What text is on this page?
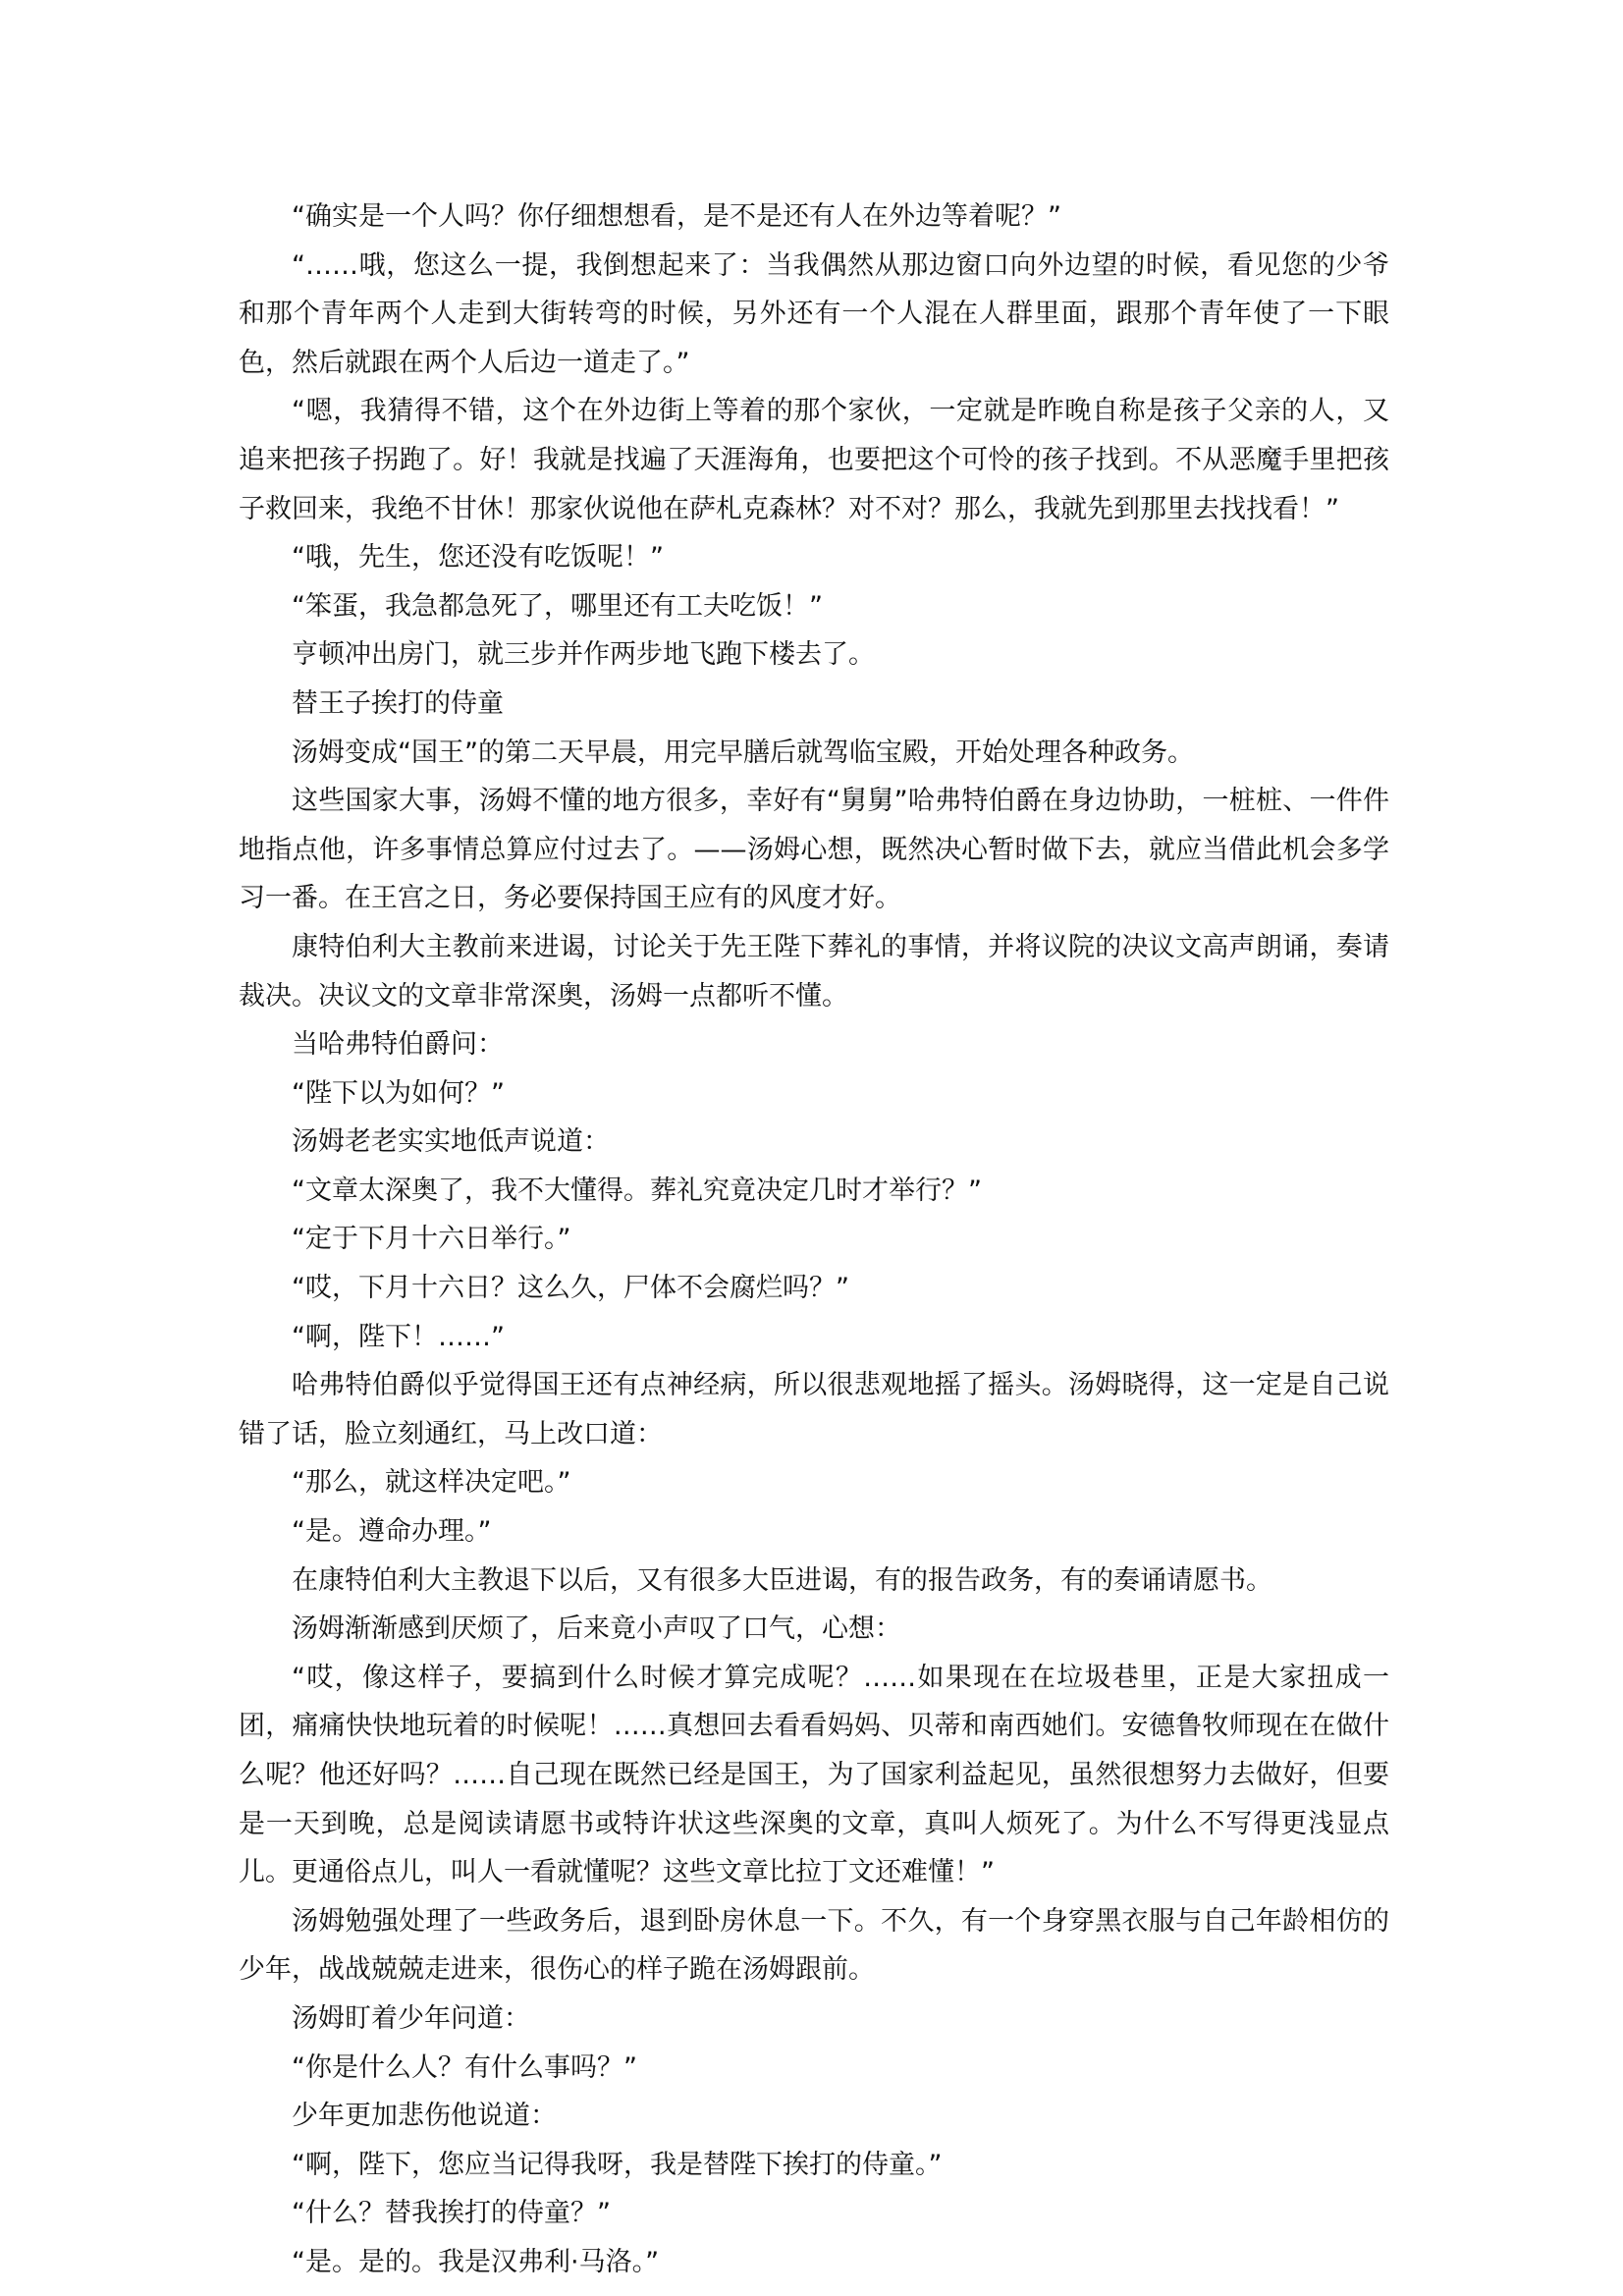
“确实是一个人吗？你仔细想想看，是不是还有人在外边等着呢？”

“……哦，您这么一提，我倒想起来了：当我偶然从那边窗口向外边望的时候，看见您的少爷和那个青年两个人走到大街转弯的时候，另外还有一个人混在人群里面，跟那个青年使了一下眼色，然后就跟在两个人后边一道走了。”

“嗯，我猜得不错，这个在外边街上等着的那个家伙，一定就是昨晚自称是孩子父亲的人，又追来把孩子拐跑了。好！我就是找遍了天涯海角，也要把这个可怜的孩子找到。不从恶魔手里把孩子救回来，我绝不甘休！那家伙说他在萨札克森林？对不对？那么，我就先到那里去找找看！”

“哦，先生，您还没有吃饭呢！”

“笨蛋，我急都急死了，哪里还有工夫吃饭！”

亨顿冲出房门，就三步并作两步地飞跑下楼去了。

替王子挨打的侍童

汤姆变成“国王”的第二天早晨，用完早膳后就驾临宝殿，开始处理各种政务。

这些国家大事，汤姆不懂的地方很多，幸好有“舅舅”哈弗特伯爵在身边协助，一桩桩、一件件地指点他，许多事情总算应付过去了。——汤姆心想，既然决心暂时做下去，就应当借此机会多学习一番。在王宫之日，务必要保持国王应有的风度才好。

康特伯利大主教前来进谒，讨论关于先王陛下葬礼的事情，并将议院的决议文高声朗诵，奏请裁决。决议文的文章非常深奥，汤姆一点都听不懂。

当哈弗特伯爵问：

“陛下以为如何？”

汤姆老老实实地低声说道：

“文章太深奥了，我不大懂得。葬礼究竟决定几时才举行？”

“定于下月十六日举行。”

“哎，下月十六日？这么久，尸体不会腐烂吗？”

“啊，陛下！……”

哈弗特伯爵似乎觉得国王还有点神经病，所以很悲观地摇了摇头。汤姆晓得，这一定是自己说错了话，脸立刻通红，马上改口道：

“那么，就这样决定吧。”

“是。遵命办理。”

在康特伯利大主教退下以后，又有很多大臣进谒，有的报告政务，有的奏诵请愿书。

汤姆渐渐感到厌烦了，后来竟小声叹了口气，心想：

“哎，像这样子，要搞到什么时候才算完成呢？……如果现在在垃圾巷里，正是大家扭成一团，痛痛快快地玩着的时候呢！……真想回去看看妈妈、贝蒂和南西她们。安德鲁牧师现在在做什么呢？他还好吗？……自己现在既然已经是国王，为了国家利益起见，虽然很想努力去做好，但要是一天到晚，总是阅读请愿书或特许状这些深奥的文章，真叫人烦死了。为什么不写得更浅显点儿。更通俗点儿，叫人一看就懂呢？这些文章比拉丁文还难懂！”

汤姆勉强处理了一些政务后，退到卧房休息一下。不久，有一个身穿黑衣服与自己年龄相仿的少年，战战兢兢走进来，很伤心的样子跪在汤姆跟前。

汤姆盯着少年问道：

“你是什么人？有什么事吗？”

少年更加悲伤他说道：

“啊，陛下，您应当记得我呀，我是替陛下挨打的侍童。”

“什么？替我挨打的侍童？”

“是。是的。我是汉弗利·马洛。”
